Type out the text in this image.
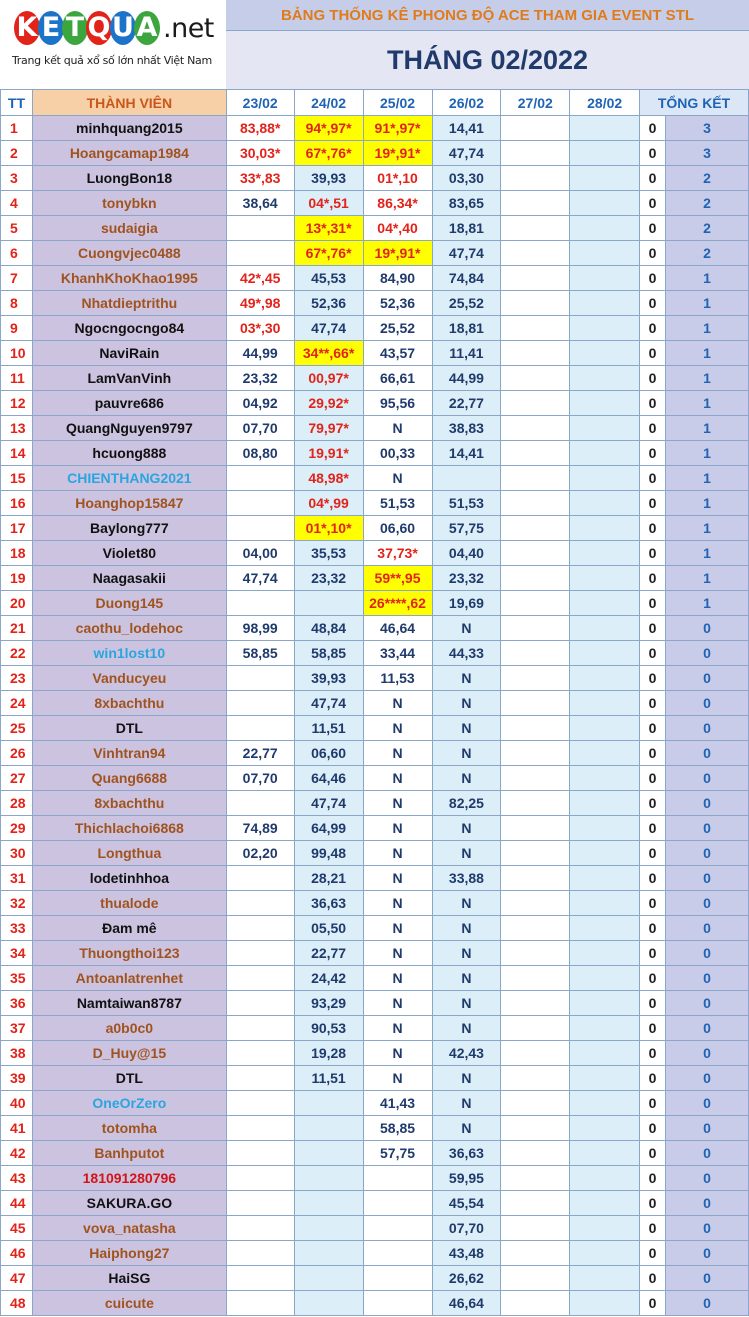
K E T Q U A .net
Trang kết quả xổ số lớn nhất Việt Nam
BẢNG THỐNG KÊ PHONG ĐỘ ACE THAM GIA EVENT STL
THÁNG 02/2022
TT	THÀNH VIÊN	23/02	24/02	25/02	26/02	27/02	28/02	TỔNG KẾT	
1	minhquang2015	83,88*	94*,97*	91*,97*	14,41			0	3
2	Hoangcamap1984	30,03*	67*,76*	19*,91*	47,74			0	3
3	LuongBon18	33*,83	39,93	01*,10	03,30			0	2
4	tonybkn	38,64	04*,51	86,34*	83,65			0	2
5	sudaigia		13*,31*	04*,40	18,81			0	2
6	Cuongvjec0488		67*,76*	19*,91*	47,74			0	2
7	KhanhKhoKhao1995	42*,45	45,53	84,90	74,84			0	1
8	Nhatdieptrithu	49*,98	52,36	52,36	25,52			0	1
9	Ngocngocngo84	03*,30	47,74	25,52	18,81			0	1
10	NaviRain	44,99	34**,66*	43,57	11,41			0	1
11	LamVanVinh	23,32	00,97*	66,61	44,99			0	1
12	pauvre686	04,92	29,92*	95,56	22,77			0	1
13	QuangNguyen9797	07,70	79,97*	N	38,83			0	1
14	hcuong888	08,80	19,91*	00,33	14,41			0	1
15	CHIENTHANG2021		48,98*	N				0	1
16	Hoanghop15847		04*,99	51,53	51,53			0	1
17	Baylong777		01*,10*	06,60	57,75			0	1
18	Violet80	04,00	35,53	37,73*	04,40			0	1
19	Naagasakii	47,74	23,32	59**,95	23,32			0	1
20	Duong145			26****,62	19,69			0	1
21	caothu_lodehoc	98,99	48,84	46,64	N			0	0
22	win1lost10	58,85	58,85	33,44	44,33			0	0
23	Vanducyeu		39,93	11,53	N			0	0
24	8xbachthu		47,74	N	N			0	0
25	DTL		11,51	N	N			0	0
26	Vinhtran94	22,77	06,60	N	N			0	0
27	Quang6688	07,70	64,46	N	N			0	0
28	8xbachthu		47,74	N	82,25			0	0
29	Thichlachoi6868	74,89	64,99	N	N			0	0
30	Longthua	02,20	99,48	N	N			0	0
31	lodetinhhoa		28,21	N	33,88			0	0
32	thualode		36,63	N	N			0	0
33	Đam mê		05,50	N	N			0	0
34	Thuongthoi123		22,77	N	N			0	0
35	Antoanlatrenhet		24,42	N	N			0	0
36	Namtaiwan8787		93,29	N	N			0	0
37	a0b0c0		90,53	N	N			0	0
38	D_Huy@15		19,28	N	42,43			0	0
39	DTL		11,51	N	N			0	0
40	OneOrZero			41,43	N			0	0
41	totomha			58,85	N			0	0
42	Banhputot			57,75	36,63			0	0
43	181091280796				59,95			0	0
44	SAKURA.GO				45,54			0	0
45	vova_natasha				07,70			0	0
46	Haiphong27				43,48			0	0
47	HaiSG				26,62			0	0
48	cuicute				46,64			0	0
